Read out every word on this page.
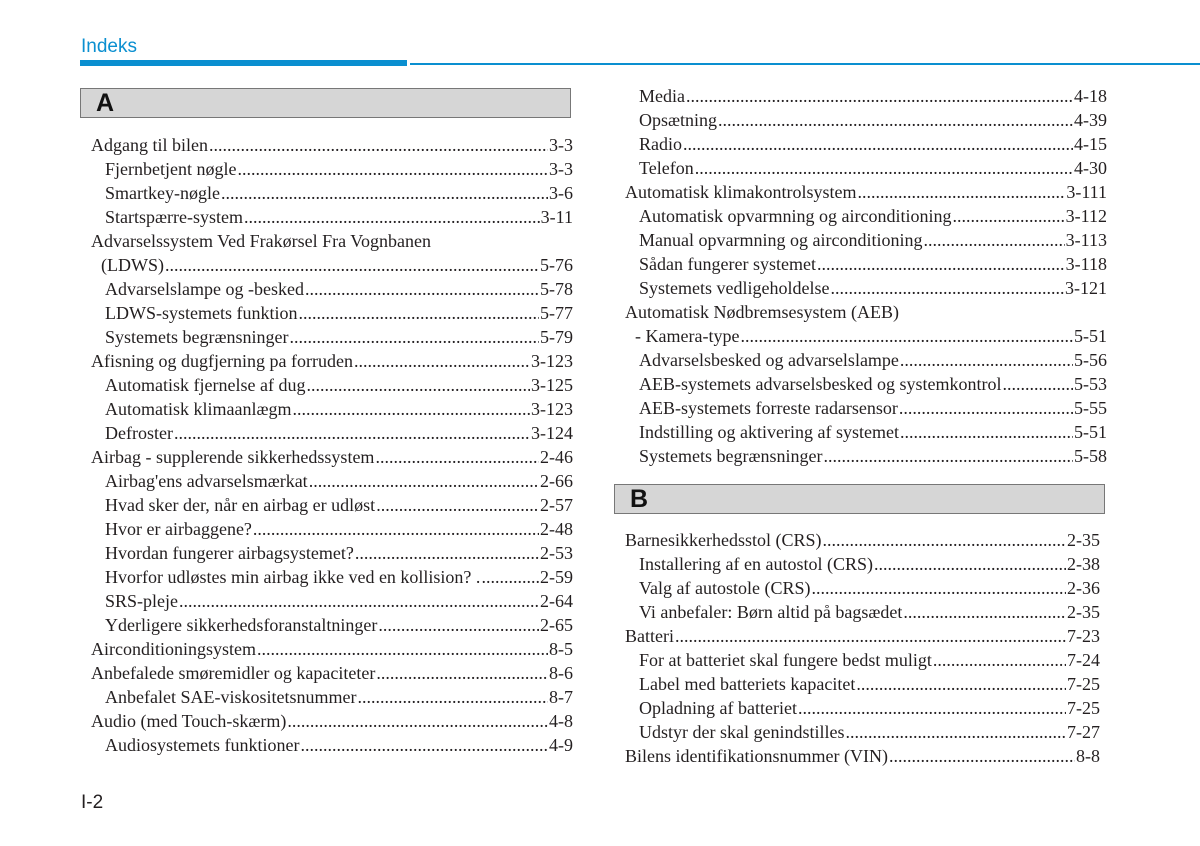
Indeks
A
Adgang til bilen .....	3-3
Fjernbetjent nøgle .....	3-3
Smartkey-nøgle .....	3-6
Startspærre-system .....	3-11
Advarselssystem Ved Frakørsel Fra Vognbanen
(LDWS) .....	5-76
Advarselslampe og -besked .....	5-78
LDWS-systemets funktion .....	5-77
Systemets begrænsninger .....	5-79
Afisning og dugfjerning pa forruden .....	3-123
Automatisk fjernelse af dug .....	3-125
Automatisk klimaanlægm .....	3-123
Defroster .....	3-124
Airbag - supplerende sikkerhedssystem .....	2-46
Airbag'ens advarselsmærkat .....	2-66
Hvad sker der, når en airbag er udløst .....	2-57
Hvor er airbaggene? .....	2-48
Hvordan fungerer airbagsystemet? .....	2-53
Hvorfor udløstes min airbag ikke ved en kollision? . .....	2-59
SRS-pleje .....	2-64
Yderligere sikkerhedsforanstaltninger .....	2-65
Airconditioningsystem .....	8-5
Anbefalede smøremidler og kapaciteter .....	8-6
Anbefalet SAE-viskositetsnummer .....	8-7
Audio (med Touch-skærm) .....	4-8
Audiosystemets funktioner .....	4-9
Media .....	4-18
Opsætning .....	4-39
Radio .....	4-15
Telefon .....	4-30
Automatisk klimakontrolsystem .....	3-111
Automatisk opvarmning og airconditioning .....	3-112
Manual opvarmning og airconditioning .....	3-113
Sådan fungerer systemet .....	3-118
Systemets vedligeholdelse .....	3-121
Automatisk Nødbremsesystem (AEB)
- Kamera-type .....	5-51
Advarselsbesked og advarselslampe .....	5-56
AEB-systemets advarselsbesked og systemkontrol .....	5-53
AEB-systemets forreste radarsensor .....	5-55
Indstilling og aktivering af systemet .....	5-51
Systemets begrænsninger .....	5-58
B
Barnesikkerhedsstol (CRS) .....	2-35
Installering af en autostol (CRS) .....	2-38
Valg af autostole (CRS) .....	2-36
Vi anbefaler: Børn altid på bagsædet .....	2-35
Batteri .....	7-23
For at batteriet skal fungere bedst muligt .....	7-24
Label med batteriets kapacitet .....	7-25
Opladning af batteriet .....	7-25
Udstyr der skal genindstilles .....	7-27
Bilens identifikationsnummer (VIN) .....	8-8
I-2
